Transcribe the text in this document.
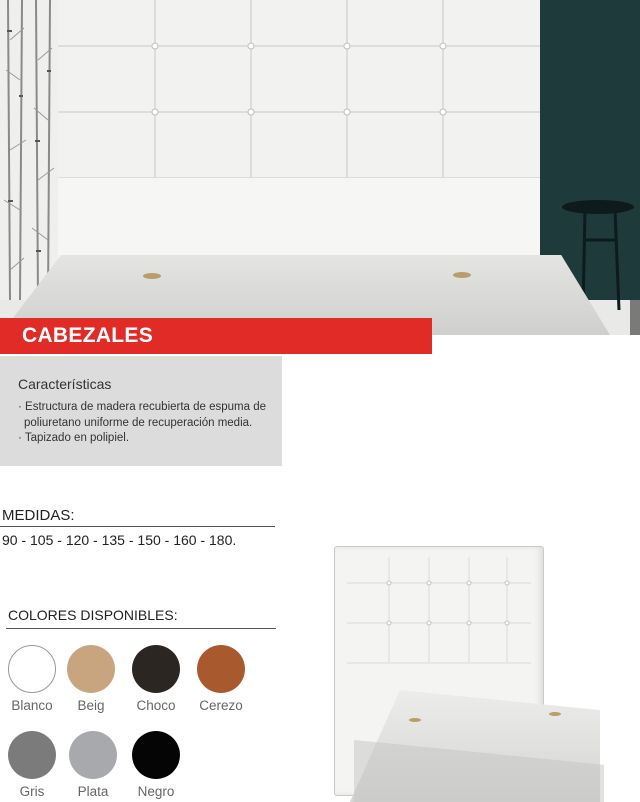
CABEZALES
Características
· Estructura de madera recubierta de espuma de poliuretano uniforme de recuperación media.
· Tapizado en polipiel.
MEDIDAS:
90 - 105 - 120 - 135 - 150 - 160 - 180.
COLORES DISPONIBLES:
Blanco	Beig	Choco	Cerezo
Gris	Plata	Negro
